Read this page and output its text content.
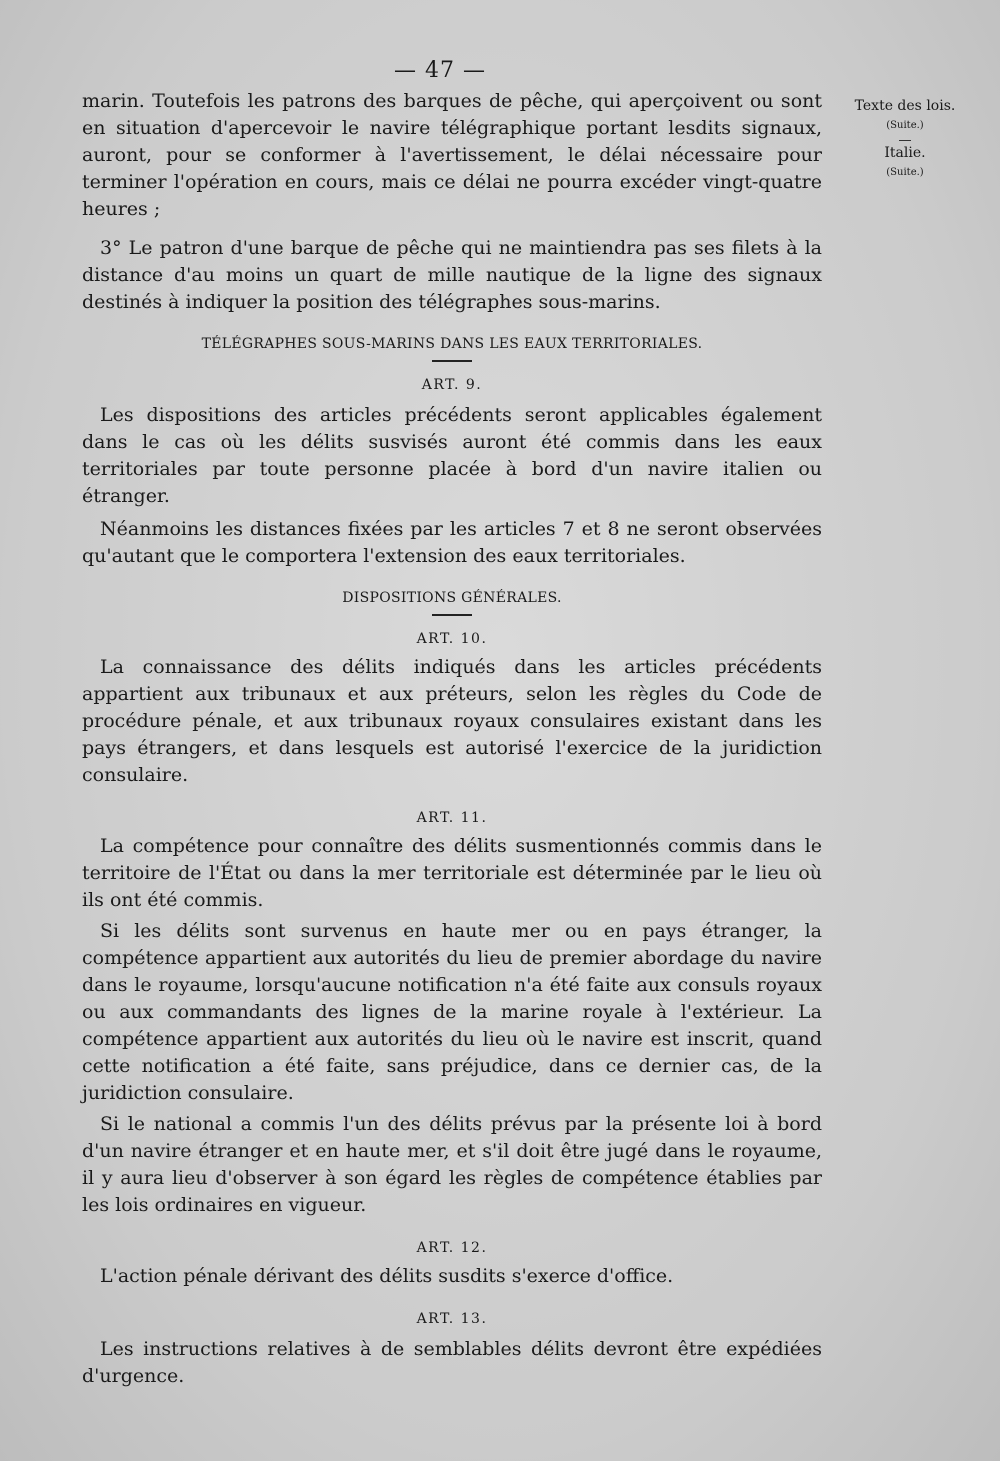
— 47 —
Texte des lois.
(Suite.)
Italie.
(Suite.)

marin. Toutefois les patrons des barques de pêche, qui aperçoivent ou sont en situation d'apercevoir le navire télégraphique portant lesdits signaux, auront, pour se conformer à l'avertissement, le délai nécessaire pour terminer l'opération en cours, mais ce délai ne pourra excéder vingt-quatre heures ;

3° Le patron d'une barque de pêche qui ne maintiendra pas ses filets à la distance d'au moins un quart de mille nautique de la ligne des signaux destinés à indiquer la position des télégraphes sous-marins.

TÉLÉGRAPHES SOUS-MARINS DANS LES EAUX TERRITORIALES.
ART. 9.

Les dispositions des articles précédents seront applicables également dans le cas où les délits susvisés auront été commis dans les eaux territoriales par toute personne placée à bord d'un navire italien ou étranger.

Néanmoins les distances fixées par les articles 7 et 8 ne seront observées qu'autant que le comportera l'extension des eaux territoriales.

DISPOSITIONS GÉNÉRALES.
ART. 10.

La connaissance des délits indiqués dans les articles précédents appartient aux tribunaux et aux préteurs, selon les règles du Code de procédure pénale, et aux tribunaux royaux consulaires existant dans les pays étrangers, et dans lesquels est autorisé l'exercice de la juridiction consulaire.

ART. 11.

La compétence pour connaître des délits susmentionnés commis dans le territoire de l'État ou dans la mer territoriale est déterminée par le lieu où ils ont été commis.

Si les délits sont survenus en haute mer ou en pays étranger, la compétence appartient aux autorités du lieu de premier abordage du navire dans le royaume, lorsqu'aucune notification n'a été faite aux consuls royaux ou aux commandants des lignes de la marine royale à l'extérieur. La compétence appartient aux autorités du lieu où le navire est inscrit, quand cette notification a été faite, sans préjudice, dans ce dernier cas, de la juridiction consulaire.

Si le national a commis l'un des délits prévus par la présente loi à bord d'un navire étranger et en haute mer, et s'il doit être jugé dans le royaume, il y aura lieu d'observer à son égard les règles de compétence établies par les lois ordinaires en vigueur.

ART. 12.

L'action pénale dérivant des délits susdits s'exerce d'office.

ART. 13.

Les instructions relatives à de semblables délits devront être expédiées d'urgence.
